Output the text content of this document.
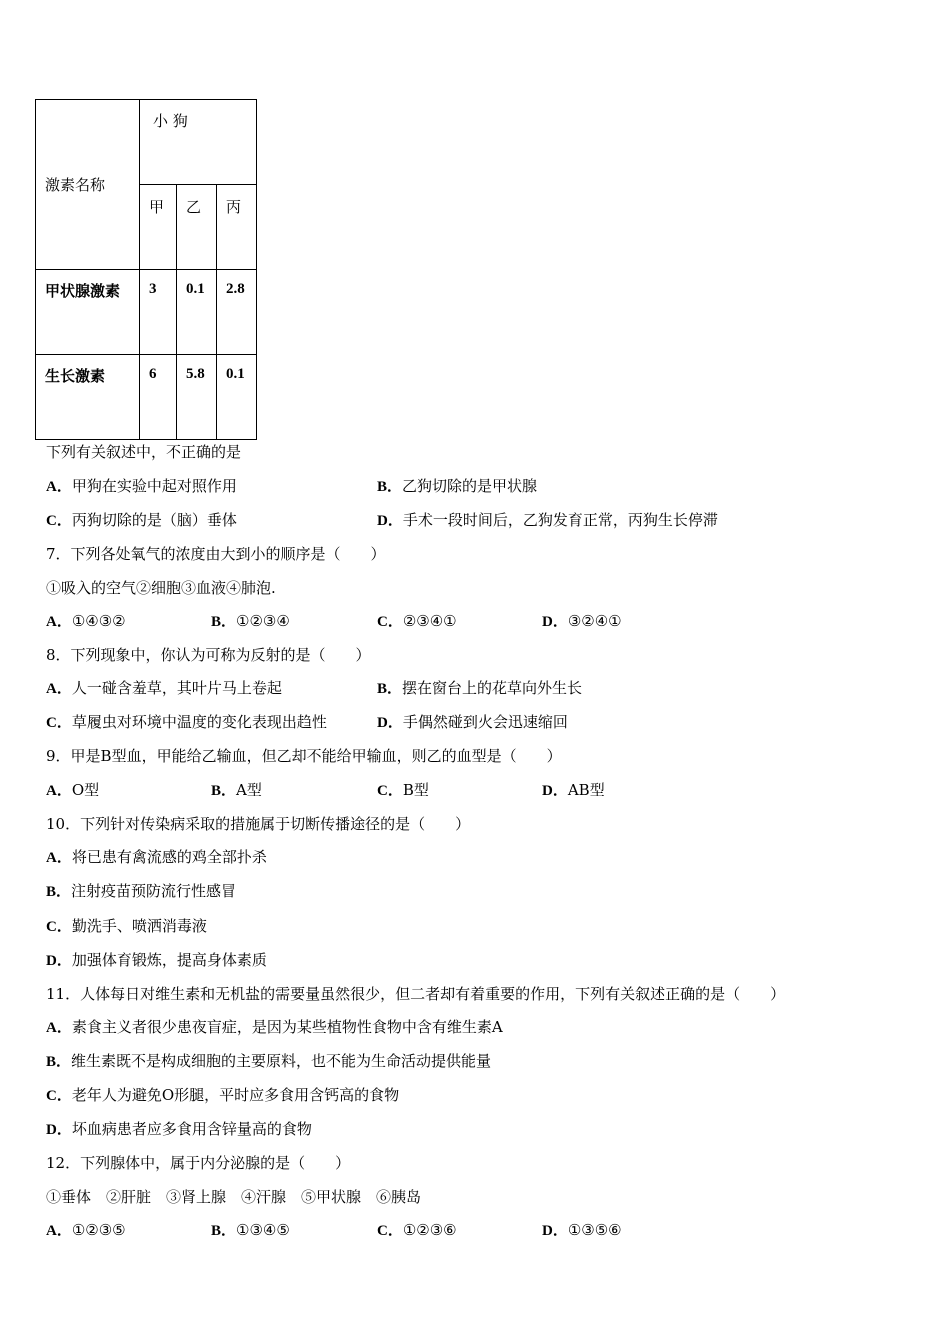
激素名称	小 狗		
	甲	乙	丙
甲状腺激素	3	0.1	2.8
生长激素	6	5.8	0.1
下列有关叙述中，不正确的是
A．甲狗在实验中起对照作用	B．乙狗切除的是甲状腺
C．丙狗切除的是（脑）垂体	D．手术一段时间后，乙狗发育正常，丙狗生长停滞
7．下列各处氧气的浓度由大到小的顺序是（　　）
①吸入的空气②细胞③血液④肺泡.
A．①④③②	B．①②③④	C．②③④①	D．③②④①
8．下列现象中，你认为可称为反射的是（　　）
A．人一碰含羞草，其叶片马上卷起	B．摆在窗台上的花草向外生长
C．草履虫对环境中温度的变化表现出趋性	D．手偶然碰到火会迅速缩回
9．甲是B型血，甲能给乙输血，但乙却不能给甲输血，则乙的血型是（　　）
A．O型	B．A型	C．B型	D．AB型
10．下列针对传染病采取的措施属于切断传播途径的是（　　）
A．将已患有禽流感的鸡全部扑杀
B．注射疫苗预防流行性感冒
C．勤洗手、喷洒消毒液
D．加强体育锻炼，提高身体素质
11．人体每日对维生素和无机盐的需要量虽然很少，但二者却有着重要的作用，下列有关叙述正确的是（　　）
A．素食主义者很少患夜盲症，是因为某些植物性食物中含有维生素A
B．维生素既不是构成细胞的主要原料，也不能为生命活动提供能量
C．老年人为避免O形腿，平时应多食用含钙高的食物
D．坏血病患者应多食用含锌量高的食物
12．下列腺体中，属于内分泌腺的是（　　）
①垂体　②肝脏　③肾上腺　④汗腺　⑤甲状腺　⑥胰岛
A．①②③⑤	B．①③④⑤	C．①②③⑥	D．①③⑤⑥
